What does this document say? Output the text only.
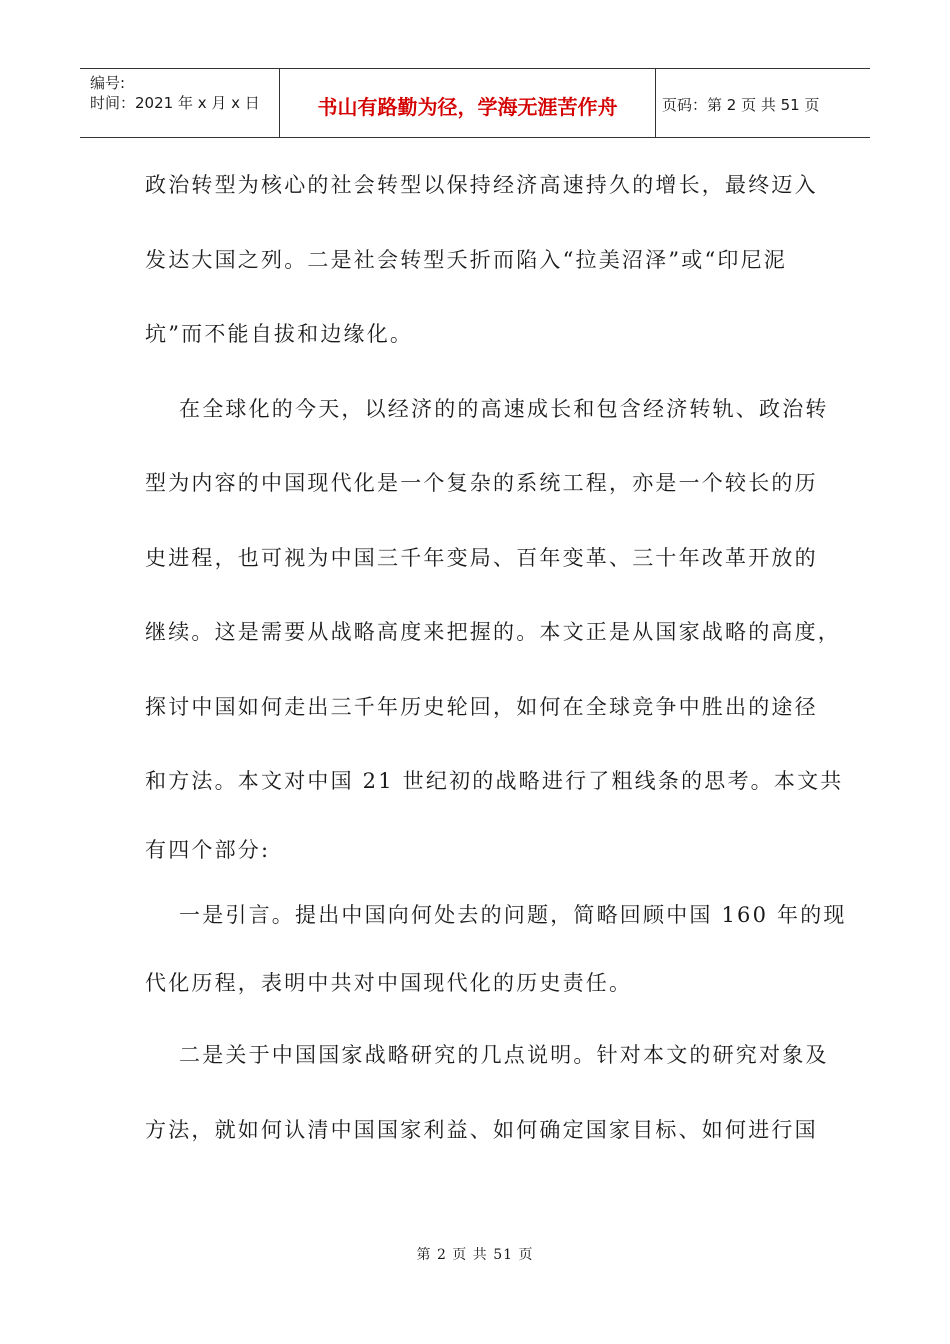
编号:
时间：2021 年 x 月 x 日	书山有路勤为径，学海无涯苦作舟	页码：第 2 页 共 51 页
政治转型为核心的社会转型以保持经济高速持久的增长，最终迈入
发达大国之列。二是社会转型夭折而陷入“拉美沼泽”或“印尼泥
坑”而不能自拔和边缘化。
在全球化的今天，以经济的的高速成长和包含经济转轨、政治转
型为内容的中国现代化是一个复杂的系统工程，亦是一个较长的历
史进程，也可视为中国三千年变局、百年变革、三十年改革开放的
继续。这是需要从战略高度来把握的。本文正是从国家战略的高度，
探讨中国如何走出三千年历史轮回，如何在全球竞争中胜出的途径
和方法。本文对中国 21 世纪初的战略进行了粗线条的思考。本文共
有四个部分:
一是引言。提出中国向何处去的问题，简略回顾中国 160 年的现
代化历程，表明中共对中国现代化的历史责任。
二是关于中国国家战略研究的几点说明。针对本文的研究对象及
方法，就如何认清中国国家利益、如何确定国家目标、如何进行国
第 2 页 共 51 页
